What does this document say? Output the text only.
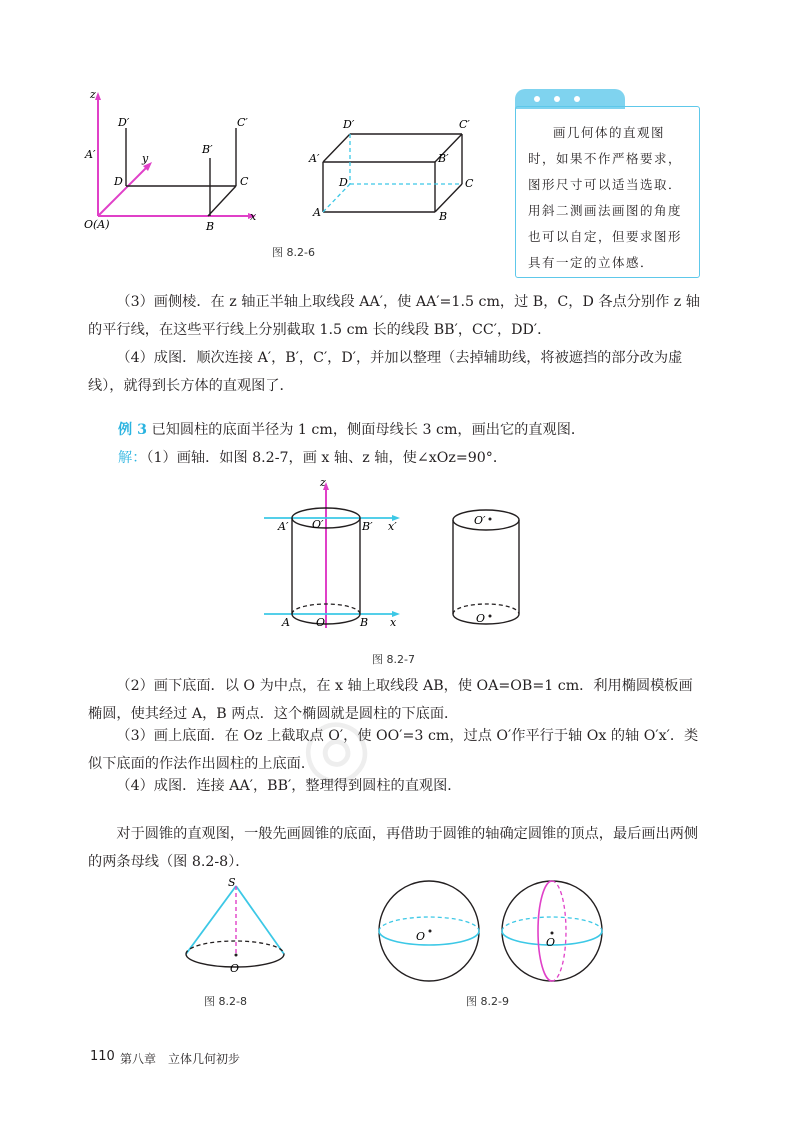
z
y
x
D′
A′
D
O(A)
B′
C′
C
B
D′	C′
A′	B′
D	C
A	B
图 8.2-6
画几何体的直观图时，如果不作严格要求，图形尺寸可以适当选取．用斜二测画法画图的角度也可以自定，但要求图形具有一定的立体感．
（3）画侧棱．在 z 轴正半轴上取线段 AA′，使 AA′=1.5 cm，过 B，C，D 各点分别作 z 轴的平行线，在这些平行线上分别截取 1.5 cm 长的线段 BB′，CC′，DD′．
（4）成图．顺次连接 A′，B′，C′，D′，并加以整理（去掉辅助线，将被遮挡的部分改为虚线），就得到长方体的直观图了．
例 3 已知圆柱的底面半径为 1 cm，侧面母线长 3 cm，画出它的直观图．
解：（1）画轴．如图 8.2-7，画 x 轴、z 轴，使∠xOz=90°．
z
A′ O′	B′ x′
A O	B x
O′
O
图 8.2-7
◎
（2）画下底面．以 O 为中点，在 x 轴上取线段 AB，使 OA=OB=1 cm．利用椭圆模板画椭圆，使其经过 A，B 两点．这个椭圆就是圆柱的下底面．
（3）画上底面．在 Oz 上截取点 O′，使 OO′=3 cm，过点 O′作平行于轴 Ox 的轴 O′x′．类似下底面的作法作出圆柱的上底面．
（4）成图．连接 AA′，BB′，整理得到圆柱的直观图．
对于圆锥的直观图，一般先画圆锥的底面，再借助于圆锥的轴确定圆锥的顶点，最后画出两侧的两条母线（图 8.2-8）．
S
O
图 8.2-8
O	O
图 8.2-9
110 第八章　立体几何初步
